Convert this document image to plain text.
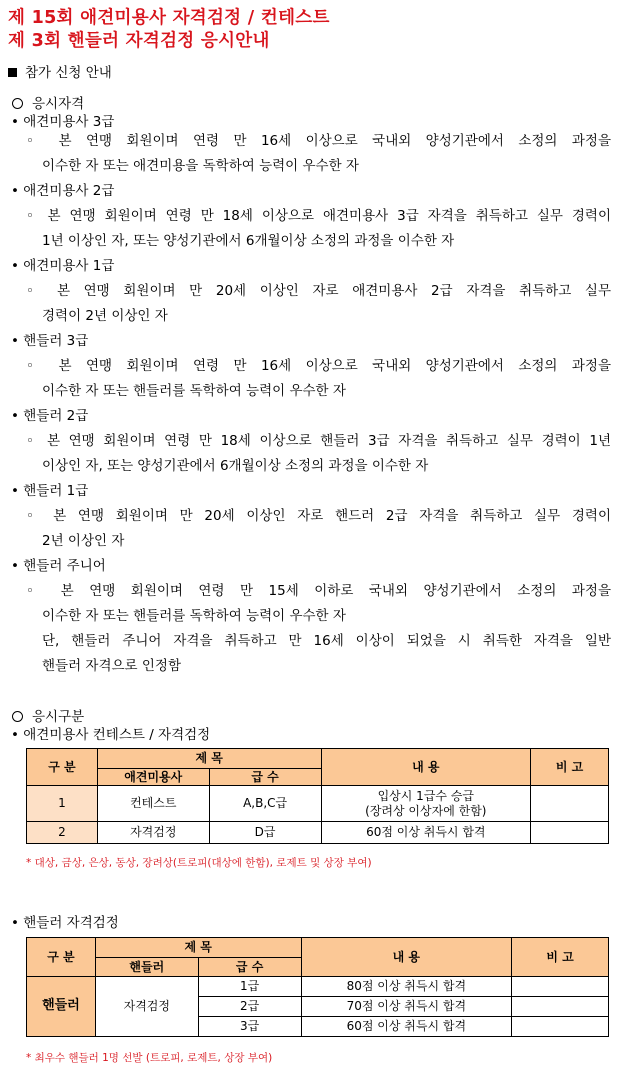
제 15회 애견미용사 자격검정 / 컨테스트
제 3회 핸들러 자격검정 응시안내
참가 신청 안내
응시자격
• 애견미용사 3급
◦ 본 연맹 회원이며 연령 만 16세 이상으로 국내외 양성기관에서 소정의 과정을
이수한 자 또는 애견미용을 독학하여 능력이 우수한 자
• 애견미용사 2급
◦ 본 연맹 회원이며 연령 만 18세 이상으로 애견미용사 3급 자격을 취득하고 실무 경력이
1년 이상인 자, 또는 양성기관에서 6개월이상 소정의 과정을 이수한 자
• 애견미용사 1급
◦ 본 연맹 회원이며 만 20세 이상인 자로 애견미용사 2급 자격을 취득하고 실무
경력이 2년 이상인 자
• 핸들러 3급
◦ 본 연맹 회원이며 연령 만 16세 이상으로 국내외 양성기관에서 소정의 과정을
이수한 자 또는 핸들러를 독학하여 능력이 우수한 자
• 핸들러 2급
◦ 본 연맹 회원이며 연령 만 18세 이상으로 핸들러 3급 자격을 취득하고 실무 경력이 1년
이상인 자, 또는 양성기관에서 6개월이상 소정의 과정을 이수한 자
• 핸들러 1급
◦ 본 연맹 회원이며 만 20세 이상인 자로 핸드러 2급 자격을 취득하고 실무 경력이
2년 이상인 자
• 핸들러 주니어
◦ 본 연맹 회원이며 연령 만 15세 이하로 국내외 양성기관에서 소정의 과정을
이수한 자 또는 핸들러를 독학하여 능력이 우수한 자
단, 핸들러 주니어 자격을 취득하고 만 16세 이상이 되었을 시 취득한 자격을 일반
핸들러 자격으로 인정함
응시구분
• 애견미용사 컨테스트 / 자격검정
구 분	제 목		내 용	비 고
	애견미용사	급 수		
1	컨테스트	A,B,C급	입상시 1급수 승급
(장려상 이상자에 한함)	

2	자격검정	D급	60점 이상 취득시 합격	
* 대상, 금상, 은상, 동상, 장려상(트로피(대상에 한함), 로제트 및 상장 부여)
• 핸들러 자격검정
구 분	제 목		내 용	비 고
	핸들러	급 수		
핸들러	자격검정	1급	80점 이상 취득시 합격	
		2급	70점 이상 취득시 합격	
		3급	60점 이상 취득시 합격	
* 최우수 핸들러 1명 선발 (트로피, 로제트, 상장 부여)
